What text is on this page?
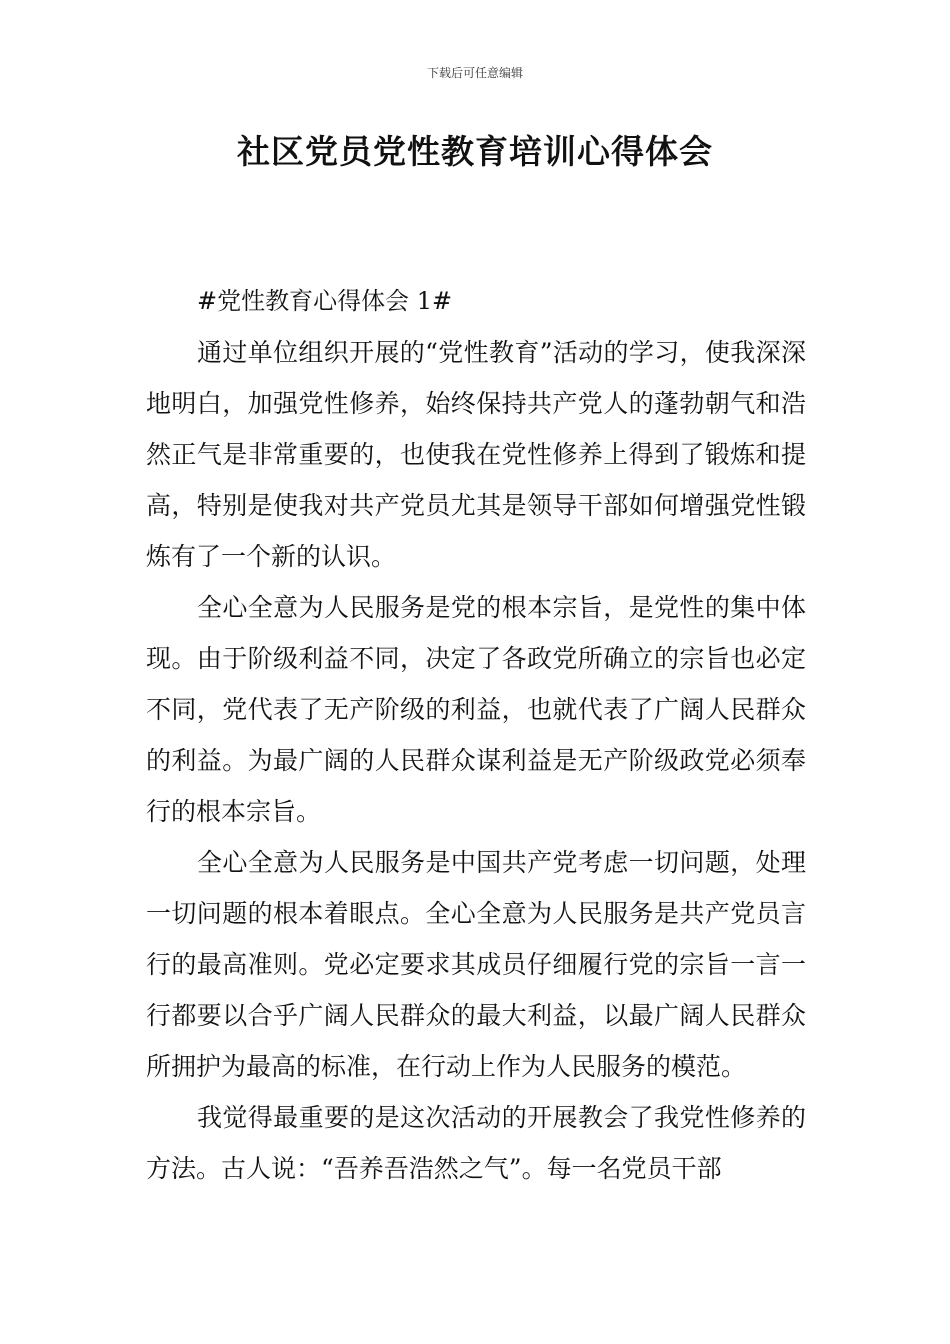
下载后可任意编辑
社区党员党性教育培训心得体会

#党性教育心得体会 1#

通过单位组织开展的“党性教育”活动的学习，使我深深地明白，加强党性修养，始终保持共产党人的蓬勃朝气和浩然正气是非常重要的，也使我在党性修养上得到了锻炼和提高，特别是使我对共产党员尤其是领导干部如何增强党性锻炼有了一个新的认识。

全心全意为人民服务是党的根本宗旨，是党性的集中体现。由于阶级利益不同，决定了各政党所确立的宗旨也必定不同，党代表了无产阶级的利益，也就代表了广阔人民群众的利益。为最广阔的人民群众谋利益是无产阶级政党必须奉行的根本宗旨。

全心全意为人民服务是中国共产党考虑一切问题，处理一切问题的根本着眼点。全心全意为人民服务是共产党员言行的最高准则。党必定要求其成员仔细履行党的宗旨一言一行都要以合乎广阔人民群众的最大利益，以最广阔人民群众所拥护为最高的标准，在行动上作为人民服务的模范。

我觉得最重要的是这次活动的开展教会了我党性修养的方法。古人说：“吾养吾浩然之气”。每一名党员干部
